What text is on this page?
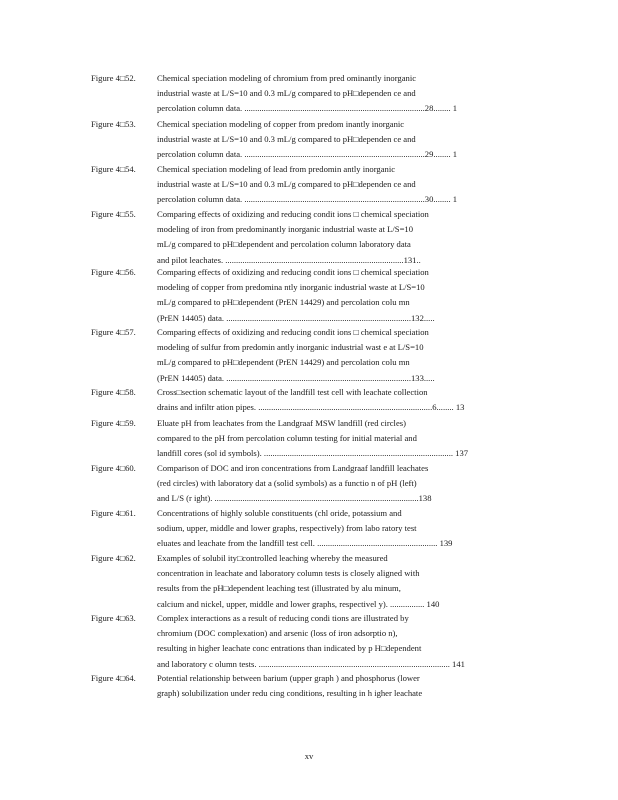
Figure 4□52. Chemical speciation modeling of chromium from pred ominantly inorganic
industrial waste at L/S=10 and 0.3 mL/g compared to pH□dependen ce and
percolation column data. ....................................................................................28........ 1
Figure 4□53. Chemical speciation modeling of copper from predom inantly inorganic
industrial waste at L/S=10 and 0.3 mL/g compared to pH□dependen ce and
percolation column data. ....................................................................................29........ 1
Figure 4□54. Chemical speciation modeling of lead from predomin antly inorganic
industrial waste at L/S=10 and 0.3 mL/g compared to pH□dependen ce and
percolation column data. ....................................................................................30........ 1
Figure 4□55. Comparing effects of oxidizing and reducing condit ions □ chemical speciation
modeling of iron from predominantly inorganic industrial waste at L/S=10
mL/g compared to pH□dependent and percolation column laboratory data
and pilot leachates. ...................................................................................131..
Figure 4□56. Comparing effects of oxidizing and reducing condit ions □ chemical speciation
modeling of copper from predomina ntly inorganic industrial waste at L/S=10
mL/g compared to pH□dependent (PrEN 14429) and percolation colu mn
(PrEN 14405) data. ......................................................................................132.....
Figure 4□57. Comparing effects of oxidizing and reducing condit ions □ chemical speciation
modeling of sulfur from predomin antly inorganic industrial wast e at L/S=10
mL/g compared to pH□dependent (PrEN 14429) and percolation colu mn
(PrEN 14405) data. ......................................................................................133.....
Figure 4□58. Cross□section schematic layout of the landfill test cell with leachate collection
drains and infiltr ation pipes. .................................................................................6........ 13
Figure 4□59. Eluate pH from leachates from the Landgraaf MSW landfill (red circles)
compared to the pH from percolation column testing for initial material and
landfill cores (sol id symbols). ........................................................................................ 137
Figure 4□60. Comparison of DOC and iron concentrations from Landgraaf landfill leachates
(red circles) with laboratory dat a (solid symbols) as a functio n of pH (left)
and L/S (r ight). ...............................................................................................138
Figure 4□61. Concentrations of highly soluble constituents (chl oride, potassium and
sodium, upper, middle and lower graphs, respectively) from labo ratory test
eluates and leachate from the landfill test cell. ........................................................ 139
Figure 4□62. Examples of solubil ity□controlled leaching whereby the measured
concentration in leachate and laboratory column tests is closely aligned with
results from the pH□dependent leaching test (illustrated by alu minum,
calcium and nickel, upper, middle and lower graphs, respectivel y). ................ 140
Figure 4□63. Complex interactions as a result of reducing condi tions are illustrated by
chromium (DOC complexation) and arsenic (loss of iron adsorptio n),
resulting in higher leachate conc entrations than indicated by p H□dependent
and laboratory c olumn tests. ......................................................................................... 141
Figure 4□64. Potential relationship between barium (upper graph ) and phosphorus (lower
graph) solubilization under redu cing conditions, resulting in h igher leachate
xv
